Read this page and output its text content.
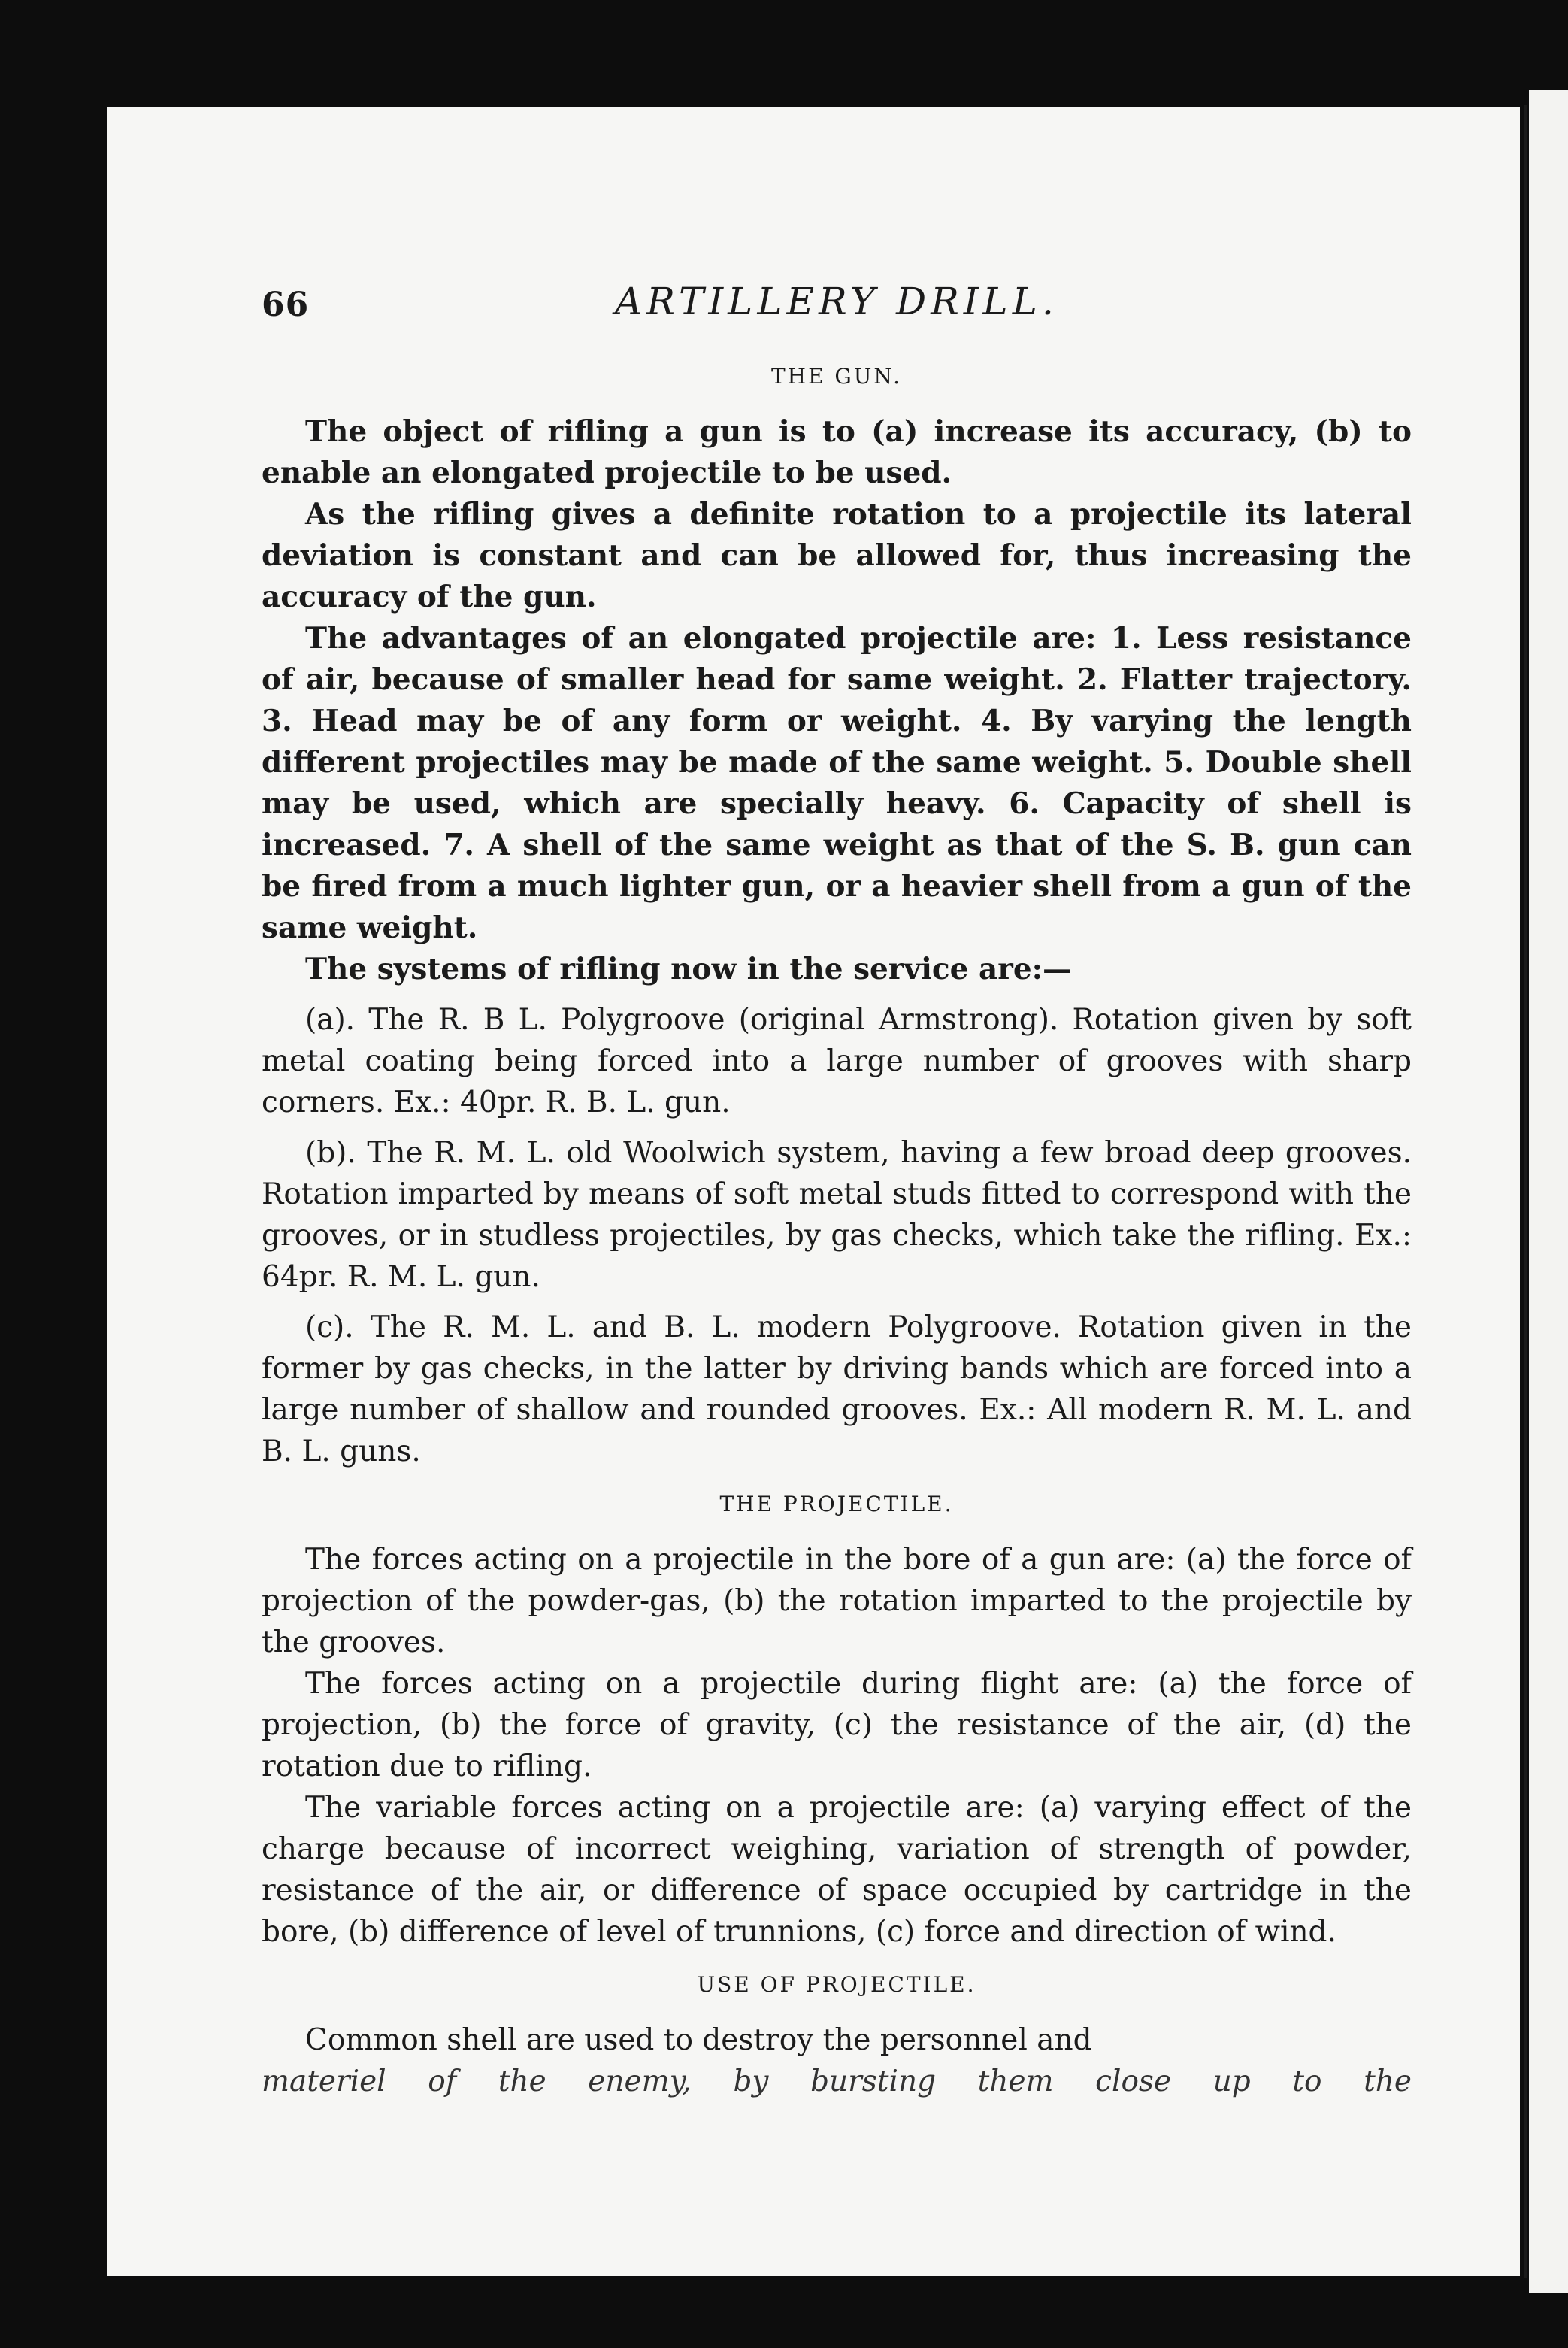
66	ARTILLERY DRILL.
THE GUN.

The object of rifling a gun is to (a) increase its accuracy, (b) to enable an elongated projectile to be used.

As the rifling gives a definite rotation to a projectile its lateral deviation is constant and can be allowed for, thus increasing the accuracy of the gun.

The advantages of an elongated projectile are: 1. Less resistance of air, because of smaller head for same weight. 2. Flatter trajectory. 3. Head may be of any form or weight. 4. By varying the length different projectiles may be made of the same weight. 5. Double shell may be used, which are specially heavy. 6. Capacity of shell is increased. 7. A shell of the same weight as that of the S. B. gun can be fired from a much lighter gun, or a heavier shell from a gun of the same weight.

The systems of rifling now in the service are:—

(a). The R. B L. Polygroove (original Armstrong). Rotation given by soft metal coating being forced into a large number of grooves with sharp corners. Ex.: 40pr. R. B. L. gun.

(b). The R. M. L. old Woolwich system, having a few broad deep grooves. Rotation imparted by means of soft metal studs fitted to correspond with the grooves, or in studless projectiles, by gas checks, which take the rifling. Ex.: 64pr. R. M. L. gun.

(c). The R. M. L. and B. L. modern Polygroove. Rotation given in the former by gas checks, in the latter by driving bands which are forced into a large number of shallow and rounded grooves. Ex.: All modern R. M. L. and B. L. guns.

THE PROJECTILE.

The forces acting on a projectile in the bore of a gun are: (a) the force of projection of the powder-gas, (b) the rotation imparted to the projectile by the grooves.

The forces acting on a projectile during flight are: (a) the force of projection, (b) the force of gravity, (c) the resistance of the air, (d) the rotation due to rifling.

The variable forces acting on a projectile are: (a) varying effect of the charge because of incorrect weighing, variation of strength of powder, resistance of the air, or difference of space occupied by cartridge in the bore, (b) difference of level of trunnions, (c) force and direction of wind.

USE OF PROJECTILE.

Common shell are used to destroy the personnel and

materiel of the enemy, by bursting them close up to the
